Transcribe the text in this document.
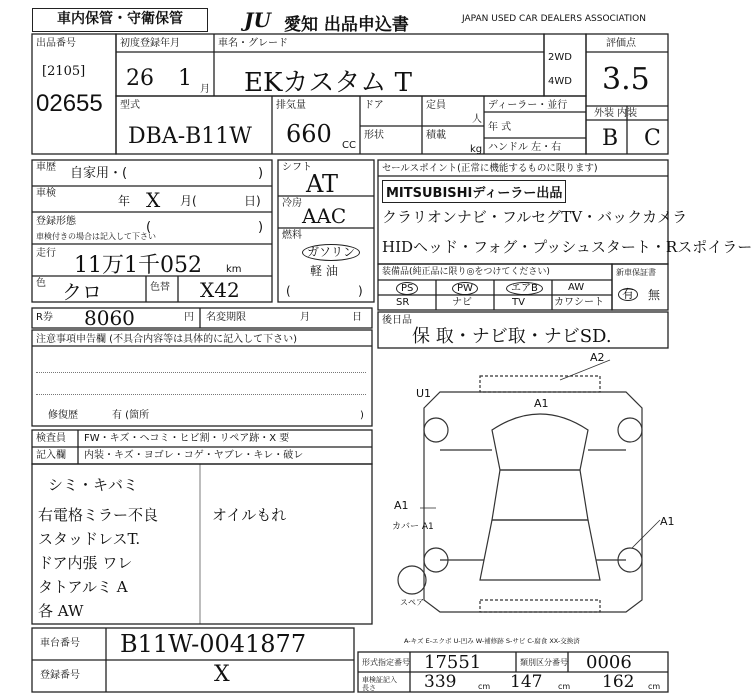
車内保管・守衛保管	JU 愛知 出品申込書	JAPAN USED CAR DEALERS ASSOCIATION
出品番号
[2105]
02655
初度登録年月
26 1 月
車名・グレード
EKカスタム T
2WD
4WD
評価点
3.5
外装 内装
B C
型式
DBA-B11W
排気量
660 CC
ドア
形状
定員
人
積載
kg
ディーラー・並行
年 式
ハンドル 左・右
車歴 自家用・(	)
車検
年 X 月(	日)
登録形態
車検付きの場合は記入して下さい
(	)
走行 11万1千052 km
色 クロ	色替 X42
シフト
AT
冷房
AAC
燃料
ガソリン
軽 油
(	)
セールスポイント(正常に機能するものに限ります)
MITSUBISHIディーラー出品
クラリオンナビ・フルセグTV・バックカメラ
HIDヘッド・フォグ・プッシュスタート・Rスポイラー
装備品(純正品に限り◎をつけてください)
PS	PW	エアB	AW
SR	ナビ	TV	カワシート
新車保証書
有	無
R券 8060	円 名変期限	月	日 後日品
保 取・ナビ取・ナビSD.
注意事項申告欄 (不具合内容等は具体的に記入して下さい)
修復歴	有 (箇所	)
検査員
記入欄
FW・キズ・ヘコミ・ヒビ割・リペア跡・X 要
内装・キズ・ヨゴレ・コゲ・ヤブレ・キレ・破レ
シミ・キバミ
右電格ミラー不良
スタッドレスT.
ドア内張 ワレ
タトアルミ A
各 AW
オイルもれ
A2
A1
U1
A1
カバー A1	A1
スペア
A-キズ E-エクボ U-凹み W-補修跡 S-サビ C-腐食 XX-交換済
車台番号 B11W-0041877
登録番号	X	形式指定番号 17551	類別区分番号 0006
車検証記入
長さ	339	cm 147 cm 162 cm
